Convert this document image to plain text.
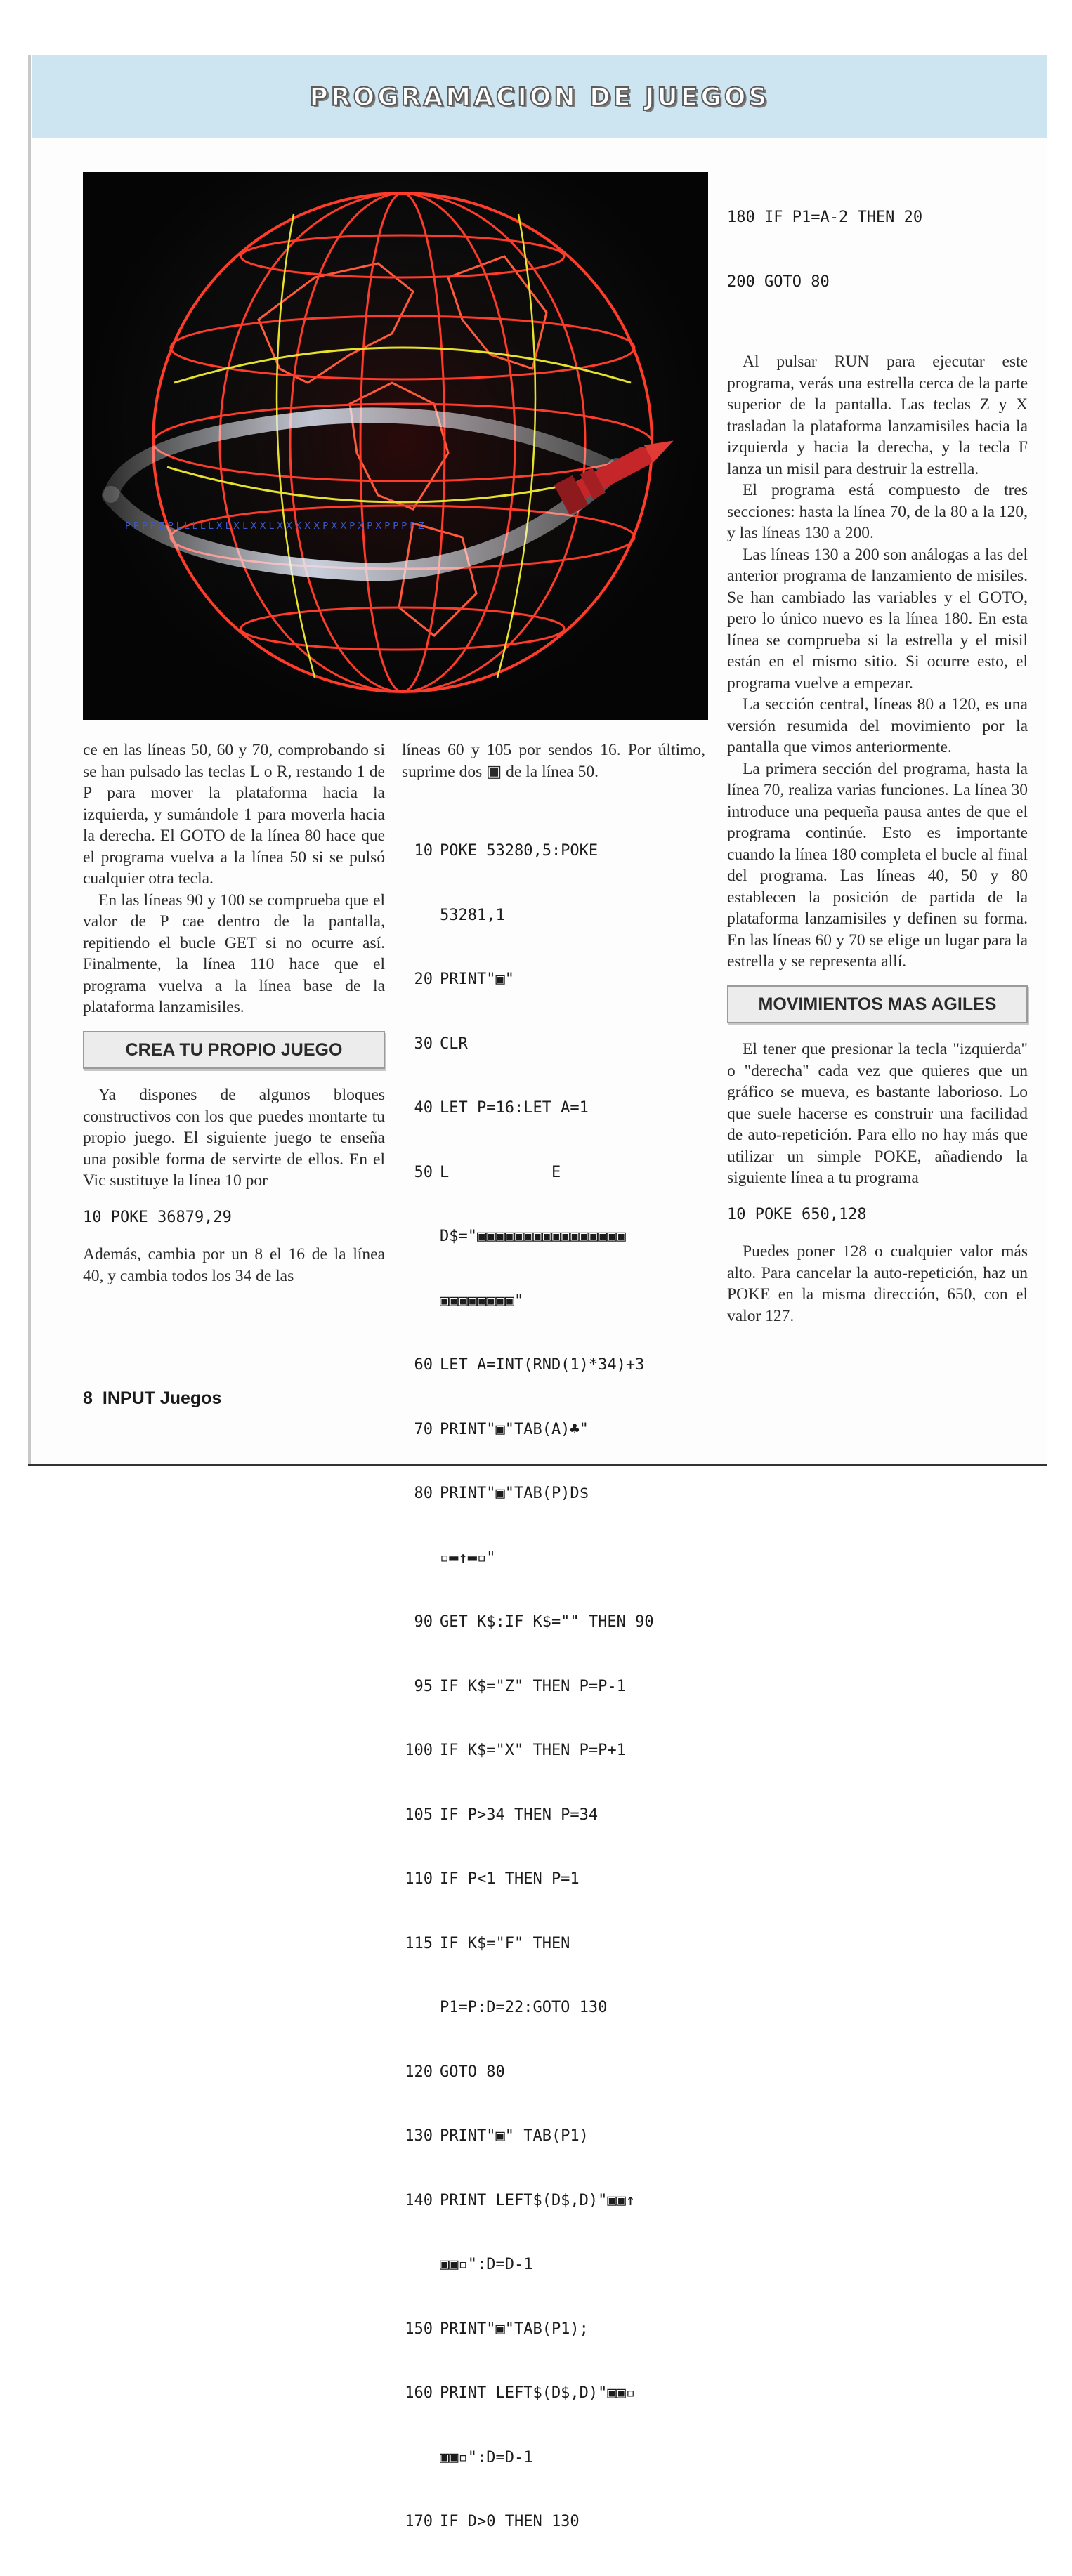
PROGRAMACION DE JUEGOS
P P P P Z P L L L L L X L X L X X L X X X X X P X X P X P X P P P P Z

ce en las líneas 50, 60 y 70, comprobando si se han pulsado las teclas L o R, restando 1 de P para mover la plataforma hacia la izquierda, y sumándole 1 para moverla hacia la derecha. El GOTO de la línea 80 hace que el programa vuelva a la línea 50 si se pulsó cualquier otra tecla.

En las líneas 90 y 100 se comprueba que el valor de P cae dentro de la pantalla, repitiendo el bucle GET si no ocurre así. Finalmente, la línea 110 hace que el programa vuelva a la línea base de la plataforma lanzamisiles.

CREA TU PROPIO JUEGO

Ya dispones de algunos bloques constructivos con los que puedes montarte tu propio juego. El siguiente juego te enseña una posible forma de servirte de ellos. En el Vic sustituye la línea 10 por

10 POKE 36879,29

Además, cambia por un 8 el 16 de la línea 40, y cambia todos los 34 de las

líneas 60 y 105 por sendos 16. Por último, suprime dos ▣ de la línea 50.

10 POKE 53280,5:POKE

53281,1

20 PRINT"▣"

30 CLR

40 LET P=16:LET A=1

50 L           E

D$="▣▣▣▣▣▣▣▣▣▣▣▣▣▣▣▣

▣▣▣▣▣▣▣▣"

60 LET A=INT(RND(1)*34)+3

70 PRINT"▣"TAB(A)♣"

80 PRINT"▣"TAB(P)D$

▫▬↑▬▫"

90 GET K$:IF K$="" THEN 90

95 IF K$="Z" THEN P=P-1

100 IF K$="X" THEN P=P+1

105 IF P>34 THEN P=34

110 IF P<1 THEN P=1

115 IF K$="F" THEN

P1=P:D=22:GOTO 130

120 GOTO 80

130 PRINT"▣" TAB(P1)

140 PRINT LEFT$(D$,D)"▣▣↑

▣▣▫":D=D-1

150 PRINT"▣"TAB(P1);

160 PRINT LEFT$(D$,D)"▣▣▫

▣▣▫":D=D-1

170 IF D>0 THEN 130

180 IF P1=A-2 THEN 20

200 GOTO 80

Al pulsar RUN para ejecutar este programa, verás una estrella cerca de la parte superior de la pantalla. Las teclas Z y X trasladan la plataforma lanzamisiles hacia la izquierda y hacia la derecha, y la tecla F lanza un misil para destruir la estrella.

El programa está compuesto de tres secciones: hasta la línea 70, de la 80 a la 120, y las líneas 130 a 200.

Las líneas 130 a 200 son análogas a las del anterior programa de lanzamiento de misiles. Se han cambiado las variables y el GOTO, pero lo único nuevo es la línea 180. En esta línea se comprueba si la estrella y el misil están en el mismo sitio. Si ocurre esto, el programa vuelve a empezar.

La sección central, líneas 80 a 120, es una versión resumida del movimiento por la pantalla que vimos anteriormente.

La primera sección del programa, hasta la línea 70, realiza varias funciones. La línea 30 introduce una pequeña pausa antes de que el programa continúe. Esto es importante cuando la línea 180 completa el bucle al final del programa. Las líneas 40, 50 y 80 establecen la posición de partida de la plataforma lanzamisiles y definen su forma. En las líneas 60 y 70 se elige un lugar para la estrella y se representa allí.

MOVIMIENTOS MAS AGILES

El tener que presionar la tecla "izquierda" o "derecha" cada vez que quieres que un gráfico se mueva, es bastante laborioso. Lo que suele hacerse es construir una facilidad de auto-repetición. Para ello no hay más que utilizar un simple POKE, añadiendo la siguiente línea a tu programa

10 POKE 650,128

Puedes poner 128 o cualquier valor más alto. Para cancelar la auto-repetición, haz un POKE en la misma dirección, 650, con el valor 127.

8 INPUT Juegos
